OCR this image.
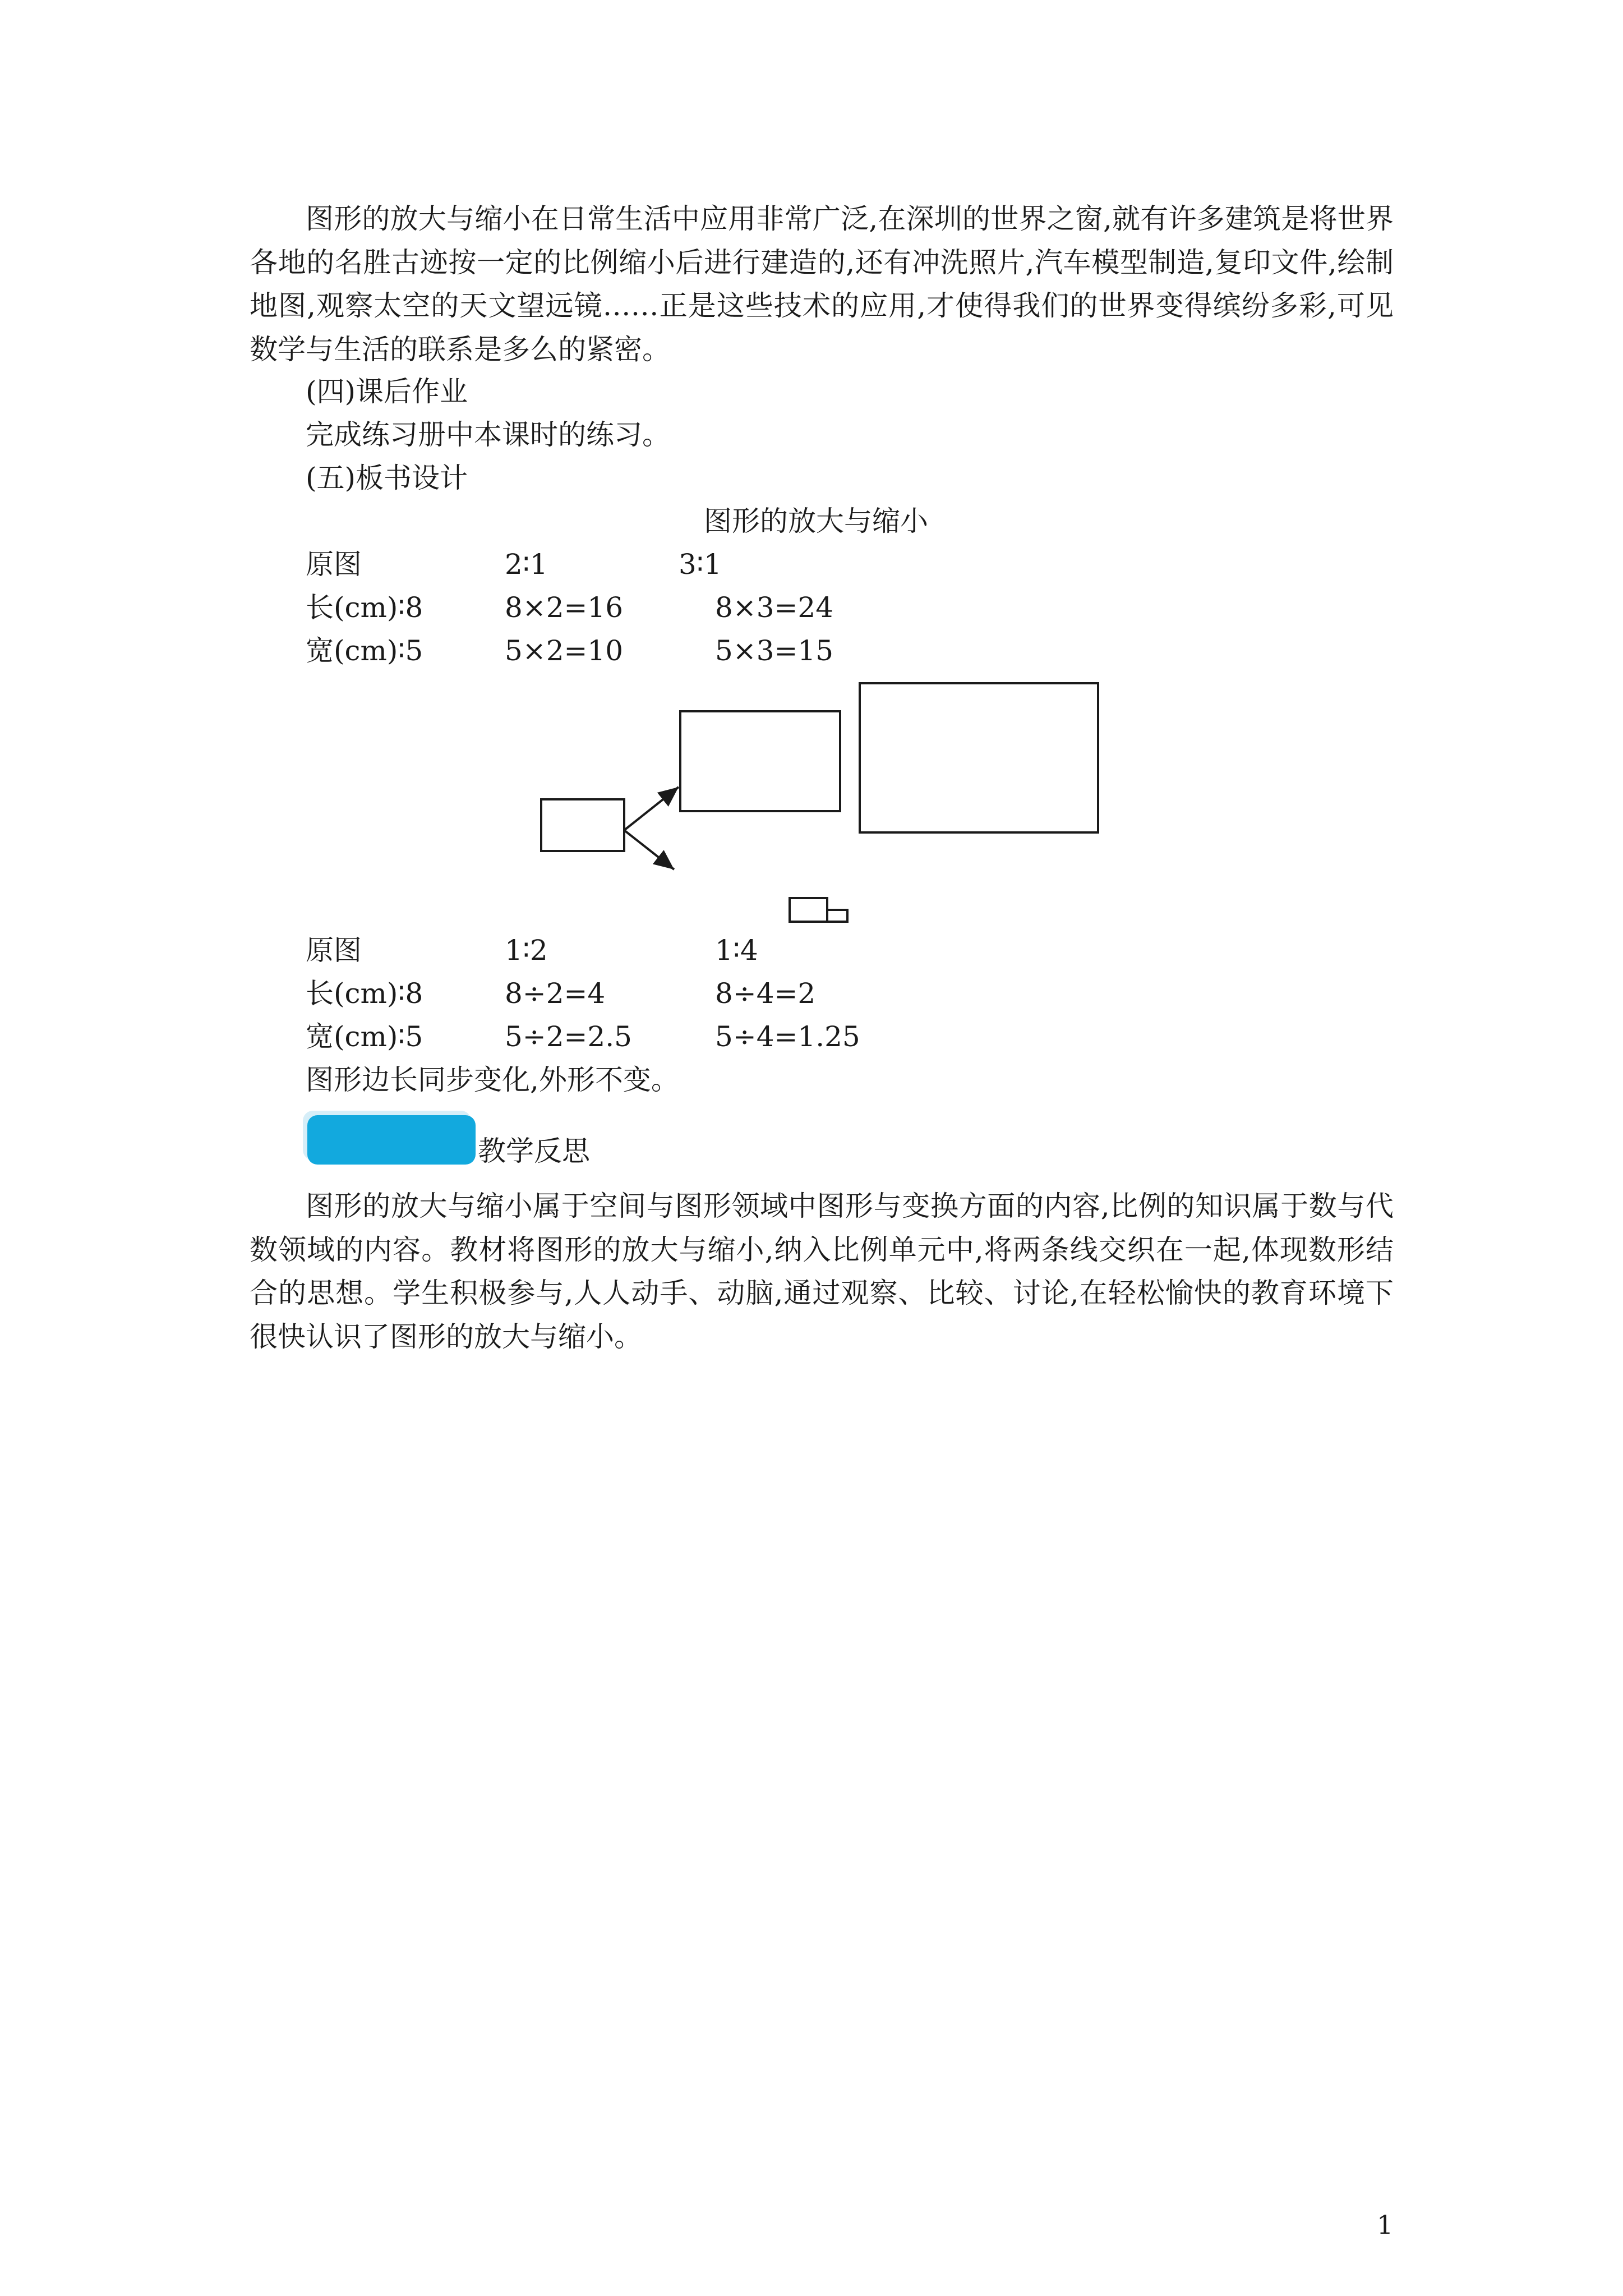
图形的放大与缩小在日常生活中应用非常广泛,在深圳的世界之窗,就有许多建筑是将世界各地的名胜古迹按一定的比例缩小后进行建造的,还有冲洗照片,汽车模型制造,复印文件,绘制地图,观察太空的天文望远镜……正是这些技术的应用,才使得我们的世界变得缤纷多彩,可见数学与生活的联系是多么的紧密。

(四)课后作业

完成练习册中本课时的练习。

(五)板书设计

图形的放大与缩小

原图	2∶1	3∶1
长(cm)∶8	8×2=16	8×3=24
宽(cm)∶5	5×2=10	5×3=15
原图	1∶2	1∶4
长(cm)∶8	8÷2=4	8÷4=2
宽(cm)∶5	5÷2=2.5	5÷4=1.25

图形边长同步变化,外形不变。

教学反思

图形的放大与缩小属于空间与图形领域中图形与变换方面的内容,比例的知识属于数与代数领域的内容。教材将图形的放大与缩小,纳入比例单元中,将两条线交织在一起,体现数形结合的思想。学生积极参与,人人动手、动脑,通过观察、比较、讨论,在轻松愉快的教育环境下很快认识了图形的放大与缩小。

1
